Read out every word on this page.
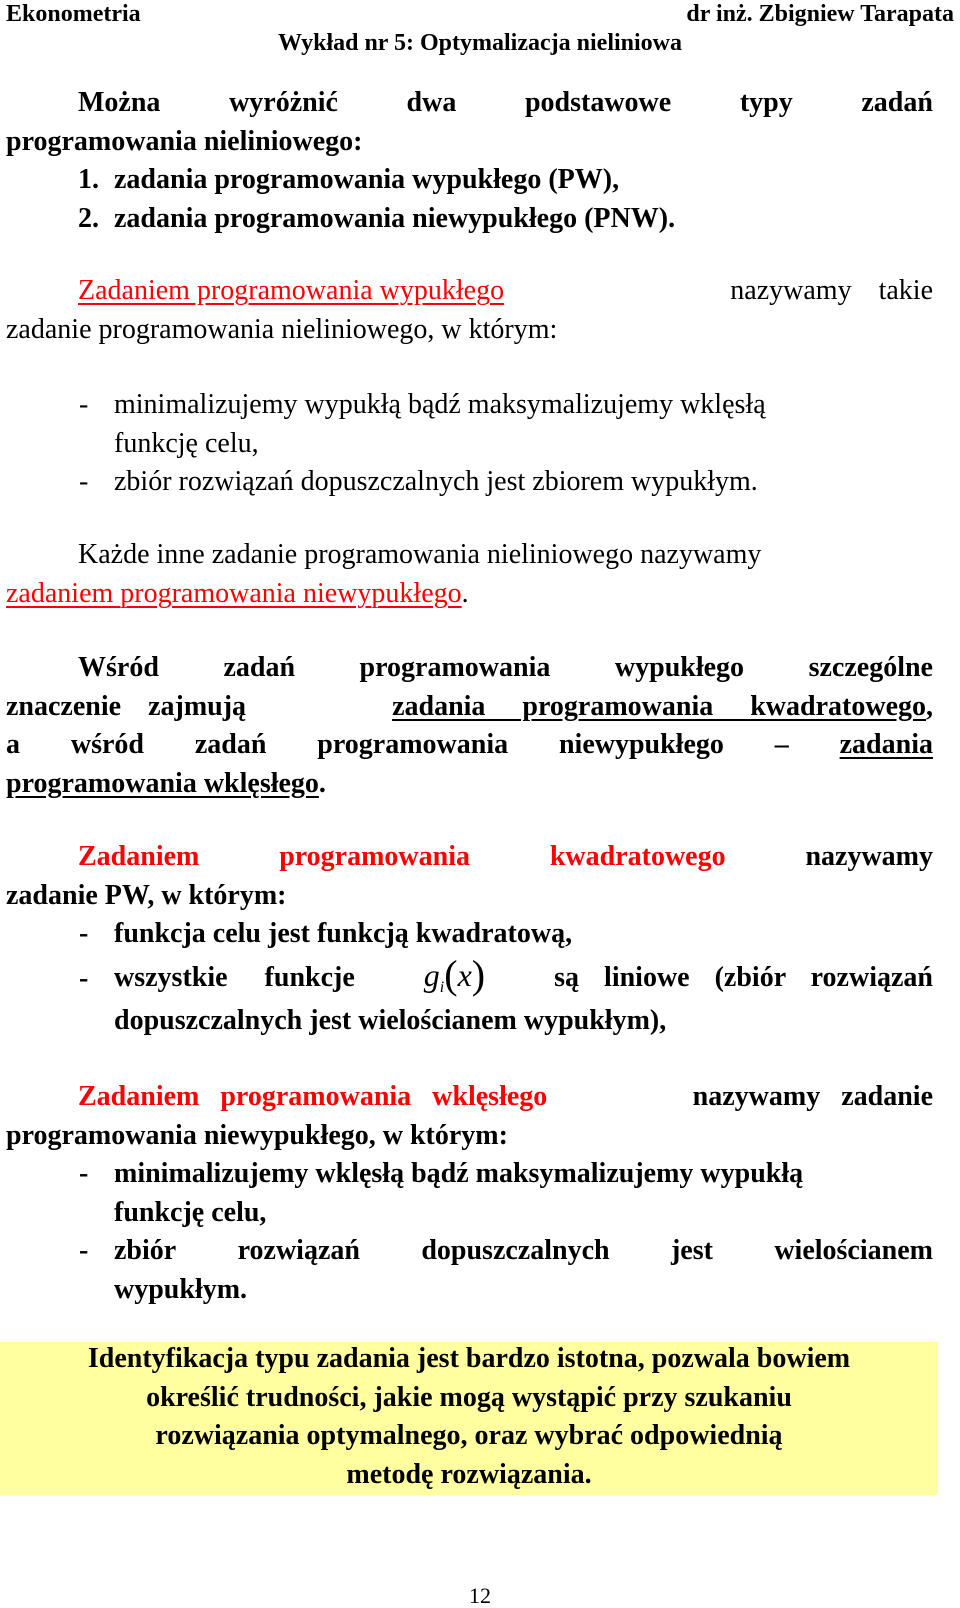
Ekonometria	dr inż. Zbigniew Tarapata
Wykład nr 5: Optymalizacja nieliniowa
Można wyróżnić dwa podstawowe typy zadań
programowania nieliniowego:
1. zadania programowania wypukłego (PW),
2. zadania programowania niewypukłego (PNW).
Zadaniem programowania wypukłego	nazywamy takie
zadanie programowania nieliniowego, w którym:
- minimalizujemy wypukłą bądź maksymalizujemy wklęsłą
funkcję celu,
- zbiór rozwiązań dopuszczalnych jest zbiorem wypukłym.
Każde inne zadanie programowania nieliniowego nazywamy
zadaniem programowania niewypukłego.
Wśród zadań programowania wypukłego szczególne
znaczenie zajmują	zadania programowania kwadratowego,
a wśród zadań programowania niewypukłego – zadania
programowania wklęsłego.
Zadaniem	programowania	kwadratowego	nazywamy
zadanie PW, w którym:
- funkcja celu jest funkcją kwadratową,
- wszystkie funkcje $g_i(x)$ są liniowe (zbiór rozwiązań
dopuszczalnych jest wielościanem wypukłym),
Zadaniem programowania wklęsłego	nazywamy zadanie
programowania niewypukłego, w którym:
- minimalizujemy wklęsłą bądź maksymalizujemy wypukłą
funkcję celu,
- zbiór rozwiązań dopuszczalnych jest wielościanem
wypukłym.
Identyfikacja typu zadania jest bardzo istotna, pozwala bowiem
określić trudności, jakie mogą wystąpić przy szukaniu
rozwiązania optymalnego, oraz wybrać odpowiednią
metodę rozwiązania.
12
